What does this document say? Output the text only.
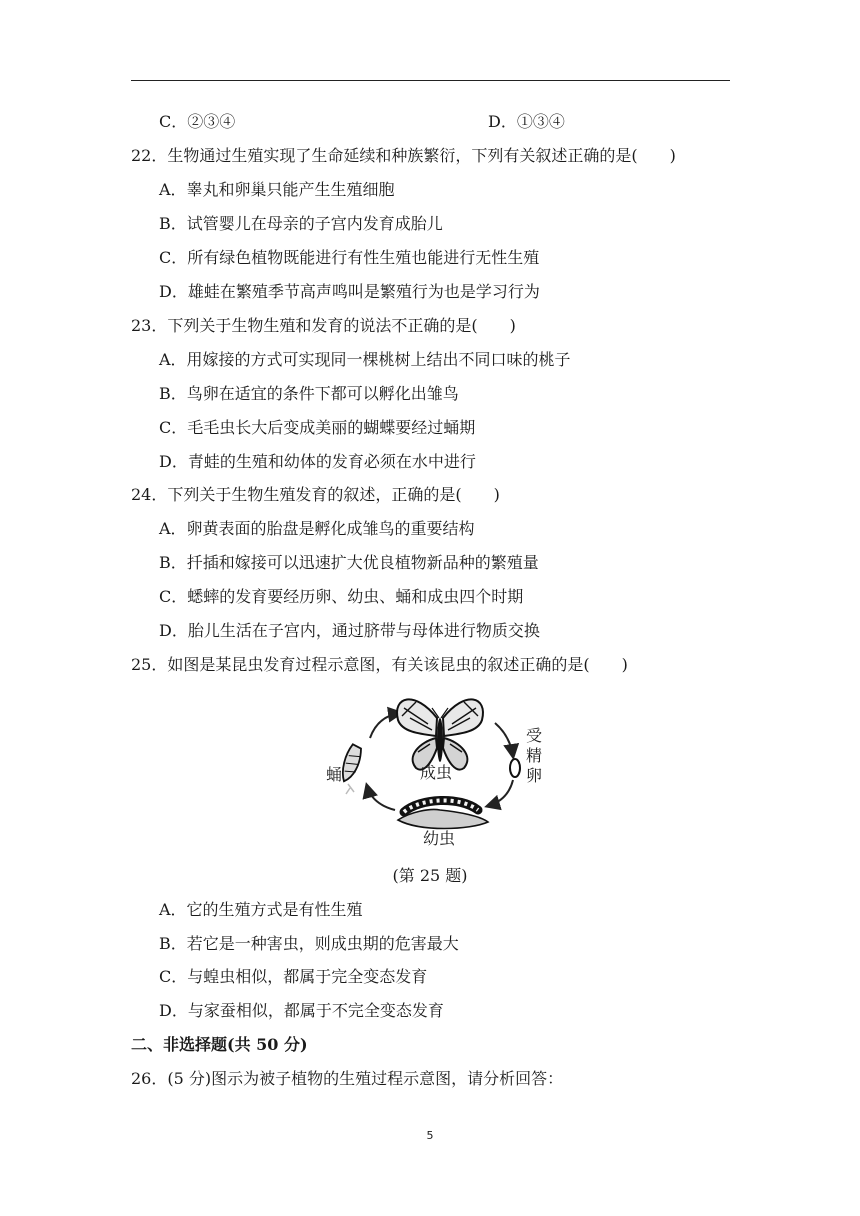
C．②③④	D．①③④
22．生物通过生殖实现了生命延续和种族繁衍，下列有关叙述正确的是(　　)
A．睾丸和卵巢只能产生生殖细胞
B．试管婴儿在母亲的子宫内发育成胎儿
C．所有绿色植物既能进行有性生殖也能进行无性生殖
D．雄蛙在繁殖季节高声鸣叫是繁殖行为也是学习行为
23．下列关于生物生殖和发育的说法不正确的是(　　)
A．用嫁接的方式可实现同一棵桃树上结出不同口味的桃子
B．鸟卵在适宜的条件下都可以孵化出雏鸟
C．毛毛虫长大后变成美丽的蝴蝶要经过蛹期
D．青蛙的生殖和幼体的发育必须在水中进行
24．下列关于生物生殖发育的叙述，正确的是(　　)
A．卵黄表面的胎盘是孵化成雏鸟的重要结构
B．扦插和嫁接可以迅速扩大优良植物新品种的繁殖量
C．蟋蟀的发育要经历卵、幼虫、蛹和成虫四个时期
D．胎儿生活在子宫内，通过脐带与母体进行物质交换
25．如图是某昆虫发育过程示意图，有关该昆虫的叙述正确的是(　　)
蛹	成虫
受精卵
幼虫
(第 25 题)
A．它的生殖方式是有性生殖
B．若它是一种害虫，则成虫期的危害最大
C．与蝗虫相似，都属于完全变态发育
D．与家蚕相似，都属于不完全变态发育
二、非选择题(共 50 分)
26．(5 分)图示为被子植物的生殖过程示意图，请分析回答：
5
